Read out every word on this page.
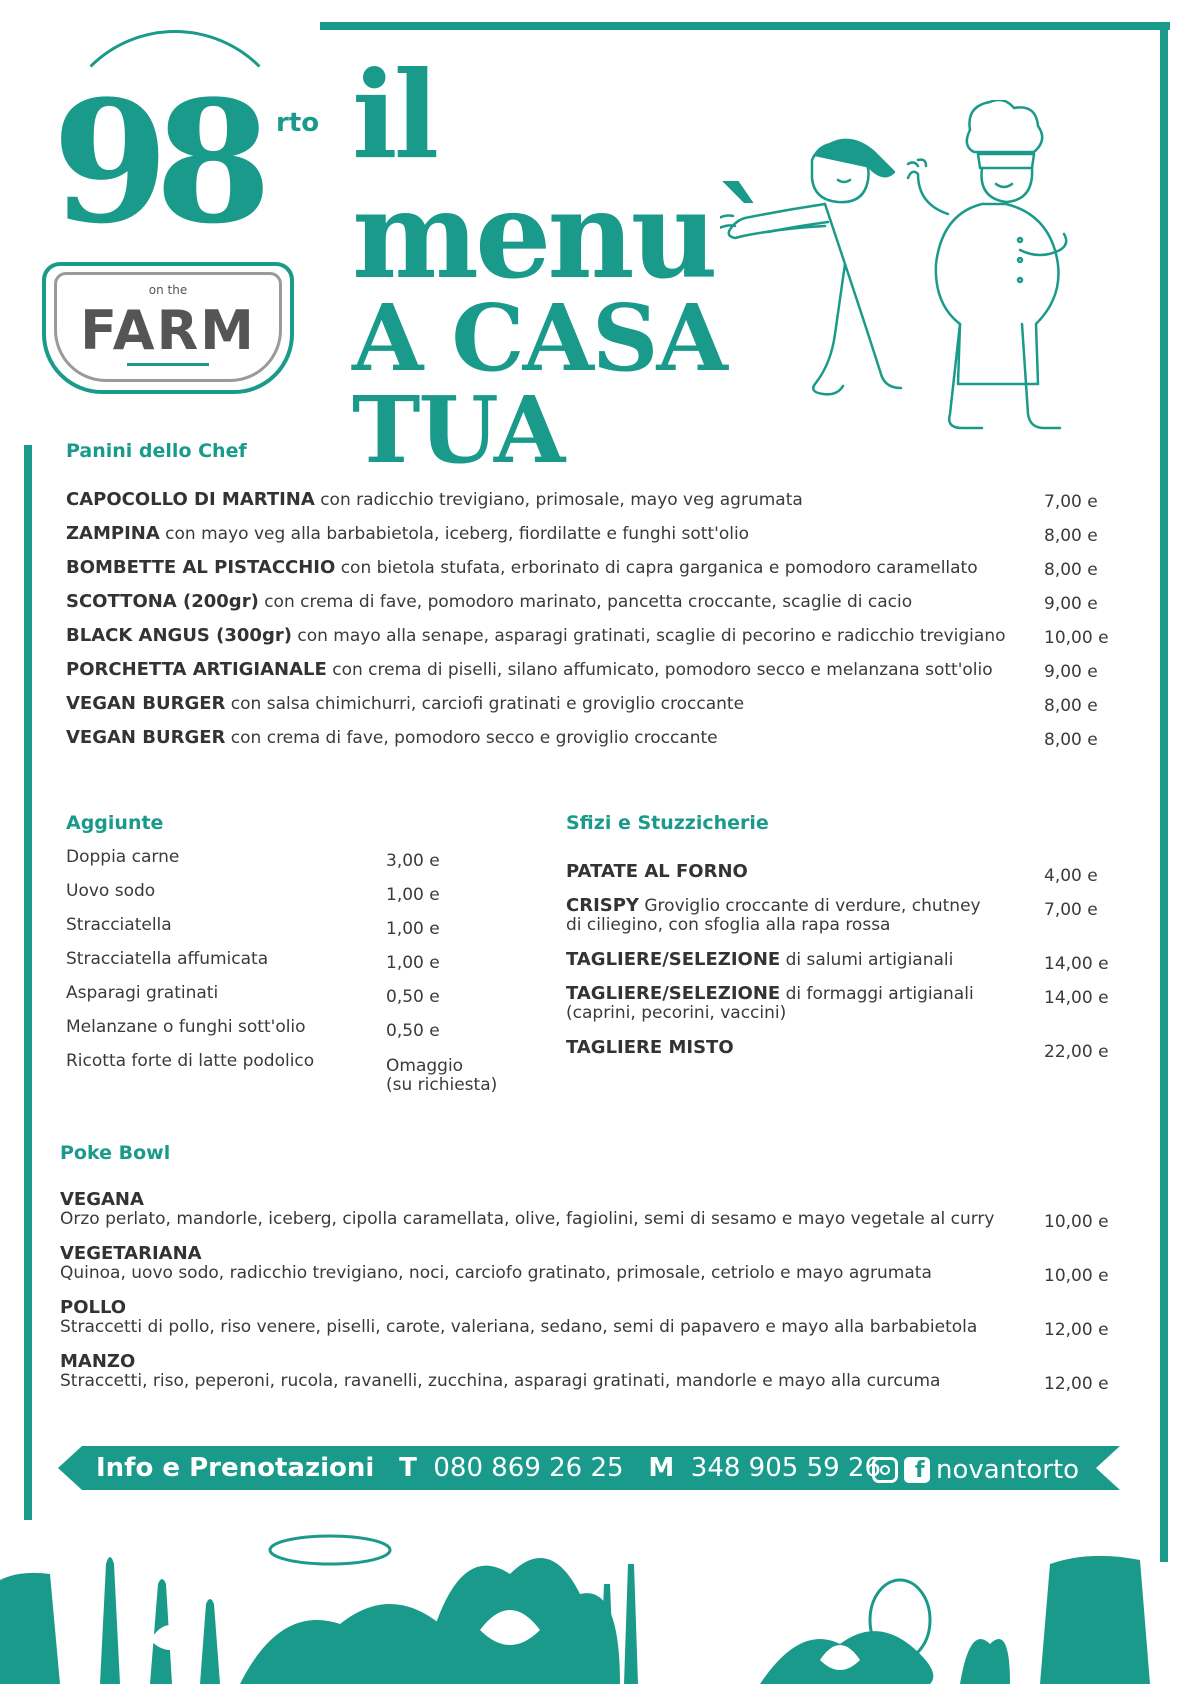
98 rto
on the
FARM
il menu`
A CASA
TUA
Panini dello Chef
CAPOCOLLO DI MARTINA con radicchio trevigiano, primosale, mayo veg agrumata	7,00 e
ZAMPINA con mayo veg alla barbabietola, iceberg, fiordilatte e funghi sott'olio	8,00 e
BOMBETTE AL PISTACCHIO con bietola stufata, erborinato di capra garganica e pomodoro caramellato	8,00 e
SCOTTONA (200gr) con crema di fave, pomodoro marinato, pancetta croccante, scaglie di cacio	9,00 e
BLACK ANGUS (300gr) con mayo alla senape, asparagi gratinati, scaglie di pecorino e radicchio trevigiano 10,00 e
PORCHETTA ARTIGIANALE con crema di piselli, silano affumicato, pomodoro secco e melanzana sott'olio	9,00 e
VEGAN BURGER con salsa chimichurri, carciofi gratinati e groviglio croccante	8,00 e
VEGAN BURGER con crema di fave, pomodoro secco e groviglio croccante	8,00 e
Aggiunte
Doppia carne	3,00 e
Uovo sodo	1,00 e
Stracciatella	1,00 e
Stracciatella affumicata	1,00 e
Asparagi gratinati	0,50 e
Melanzane o funghi sott'olio	0,50 e
Ricotta forte di latte podolico	Omaggio
(su richiesta)
Sfizi e Stuzzicherie
PATATE AL FORNO	4,00 e
CRISPY Groviglio croccante di verdure, chutney
di ciliegino, con sfoglia alla rapa rossa
7,00 e
TAGLIERE/SELEZIONE di salumi artigianali	14,00 e
TAGLIERE/SELEZIONE di formaggi artigianali
(caprini, pecorini, vaccini)
14,00 e
TAGLIERE MISTO	22,00 e
Poke Bowl
VEGANA
Orzo perlato, mandorle, iceberg, cipolla caramellata, olive, fagiolini, semi di sesamo e mayo vegetale al curry	10,00 e
VEGETARIANA
Quinoa, uovo sodo, radicchio trevigiano, noci, carciofo gratinato, primosale, cetriolo e mayo agrumata	10,00 e
POLLO
Straccetti di pollo, riso venere, piselli, carote, valeriana, sedano, semi di papavero e mayo alla barbabietola	12,00 e
MANZO
Straccetti, riso, peperoni, rucola, ravanelli, zucchina, asparagi gratinati, mandorle e mayo alla curcuma	12,00 e
Info e Prenotazioni T 080 869 26 25 M 348 905 59 26
f novantorto
